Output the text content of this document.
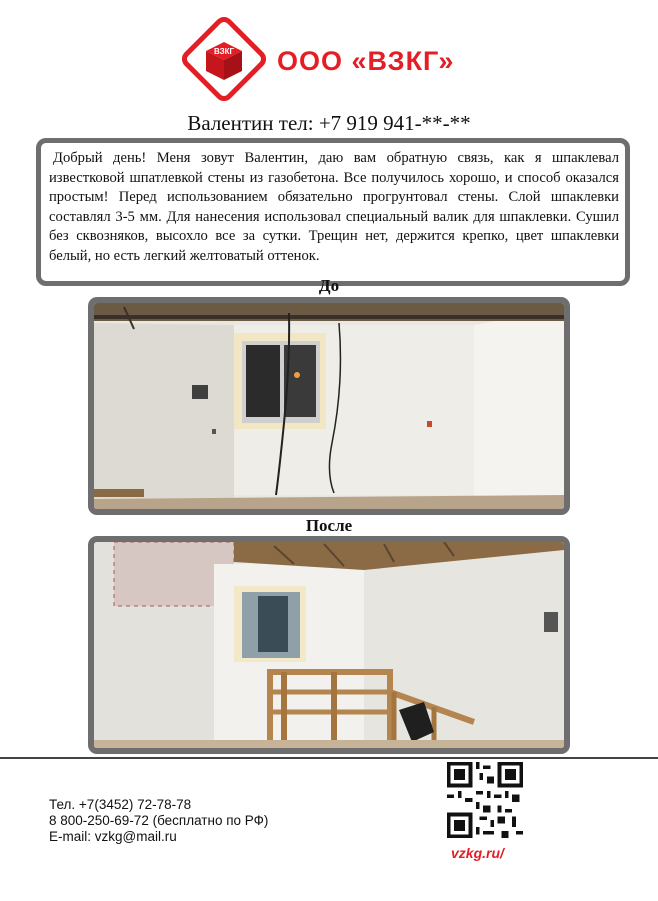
ВЗКГ ООО «ВЗКГ»
Валентин тел: +7 919 941-**-**
Добрый день! Меня зовут Валентин, даю вам обратную связь, как я шпаклевал известковой шпатлевкой стены из газобетона. Все получилось хорошо, и способ оказался простым! Перед использованием обязательно прогрунтовал стены. Слой шпаклевки составлял 3-5 мм. Для нанесения использовал специальный валик для шпаклевки. Сушил без сквозняков, высохло все за сутки. Трещин нет, держится крепко, цвет шпаклевки белый, но есть легкий желтоватый оттенок.
До
После
Тел. +7(3452) 72-78-78
8 800-250-69-72 (бесплатно по РФ)
E-mail: vzkg@mail.ru
vzkg.ru/
